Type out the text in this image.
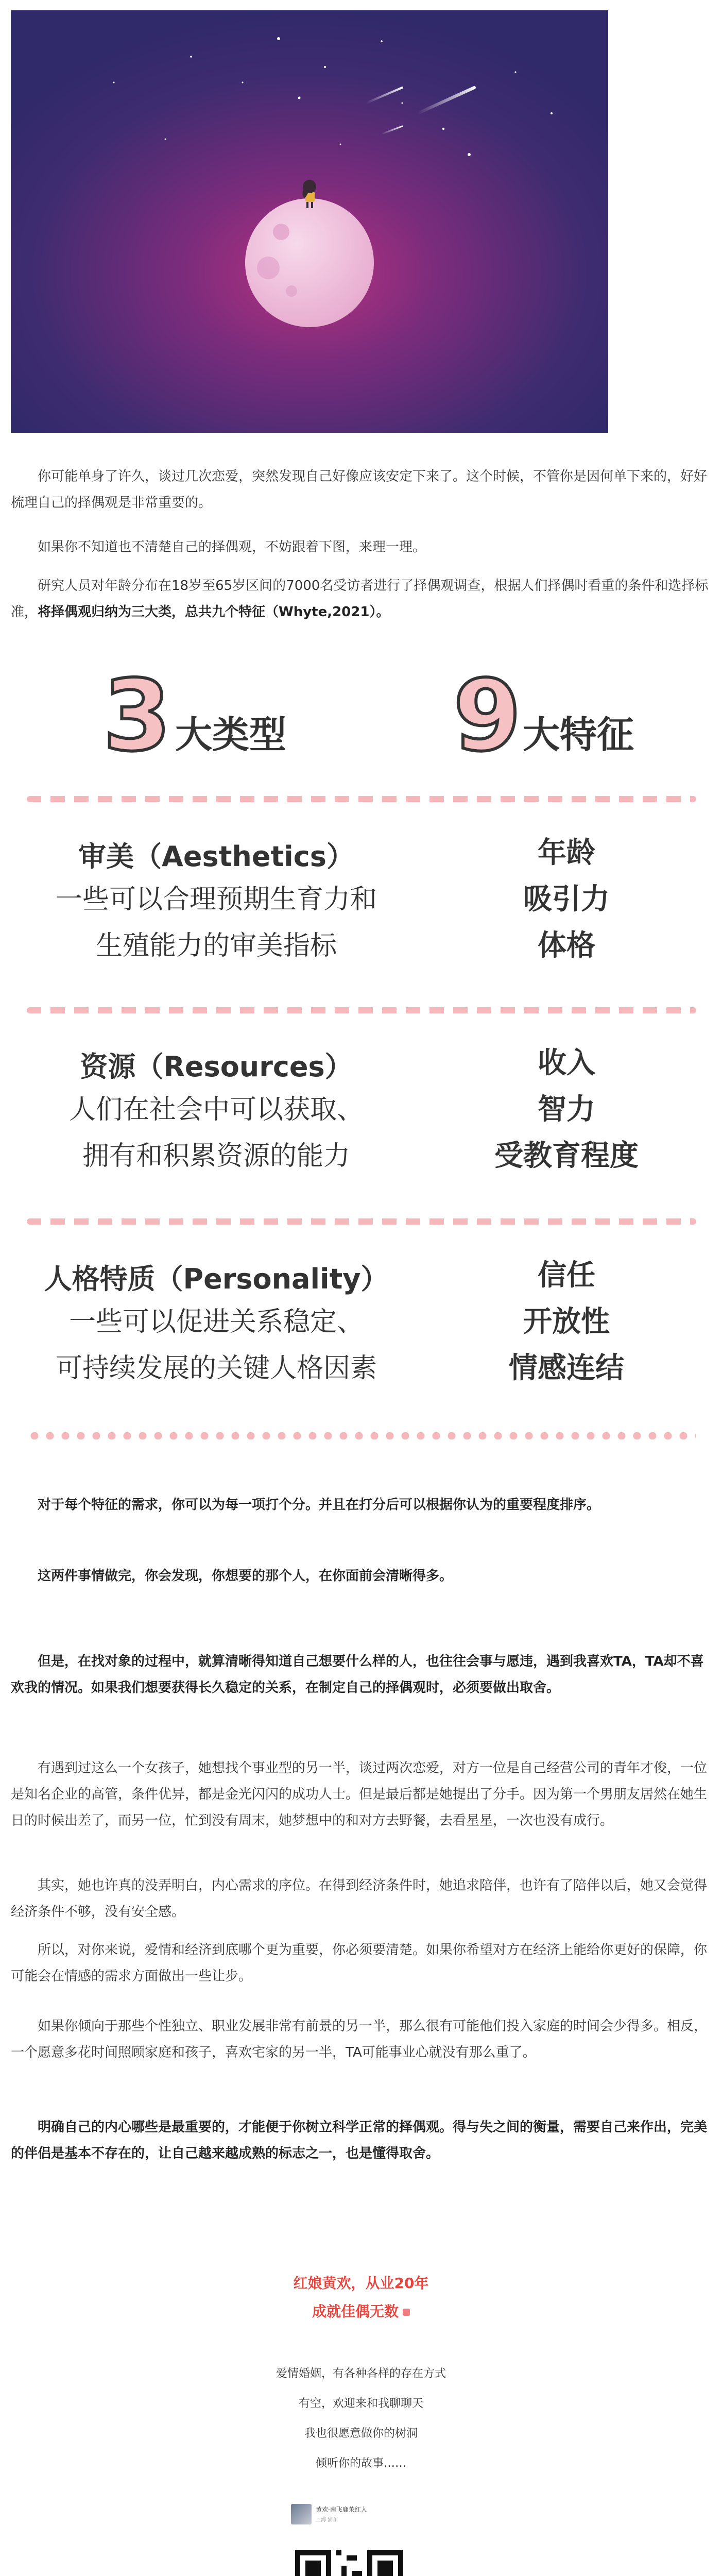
你可能单身了许久，谈过几次恋爱，突然发现自己好像应该安定下来了。这个时候，不管你是因何单下来的，好好梳理自己的择偶观是非常重要的。

如果你不知道也不清楚自己的择偶观，不妨跟着下图，来理一理。

研究人员对年龄分布在18岁至65岁区间的7000名受访者进行了择偶观调查，根据人们择偶时看重的条件和选择标准，将择偶观归纳为三大类，总共九个特征（Whyte,2021）。

3 大类型 9 大特征
审美（Aesthetics）
一些可以合理预期生育力和
生殖能力的审美指标
年龄
吸引力
体格
资源（Resources）
人们在社会中可以获取、
拥有和积累资源的能力
收入
智力
受教育程度
人格特质（Personality）
一些可以促进关系稳定、
可持续发展的关键人格因素
信任
开放性
情感连结

对于每个特征的需求，你可以为每一项打个分。并且在打分后可以根据你认为的重要程度排序。

这两件事情做完，你会发现，你想要的那个人，在你面前会清晰得多。

但是，在找对象的过程中，就算清晰得知道自己想要什么样的人，也往往会事与愿违，遇到我喜欢TA，TA却不喜欢我的情况。如果我们想要获得长久稳定的关系，在制定自己的择偶观时，必须要做出取舍。

有遇到过这么一个女孩子，她想找个事业型的另一半，谈过两次恋爱，对方一位是自己经营公司的青年才俊，一位是知名企业的高管，条件优异，都是金光闪闪的成功人士。但是最后都是她提出了分手。因为第一个男朋友居然在她生日的时候出差了，而另一位，忙到没有周末，她梦想中的和对方去野餐，去看星星，一次也没有成行。

其实，她也许真的没弄明白，内心需求的序位。在得到经济条件时，她追求陪伴，也许有了陪伴以后，她又会觉得经济条件不够，没有安全感。

所以，对你来说，爱情和经济到底哪个更为重要，你必须要清楚。如果你希望对方在经济上能给你更好的保障，你可能会在情感的需求方面做出一些让步。

如果你倾向于那些个性独立、职业发展非常有前景的另一半，那么很有可能他们投入家庭的时间会少得多。相反，一个愿意多花时间照顾家庭和孩子，喜欢宅家的另一半，TA可能事业心就没有那么重了。

明确自己的内心哪些是最重要的，才能便于你树立科学正常的择偶观。得与失之间的衡量，需要自己来作出，完美的伴侣是基本不存在的，让自己越来越成熟的标志之一，也是懂得取舍。

红娘黄欢，从业20年
成就佳偶无数
爱情婚姻，有各种各样的存在方式
有空，欢迎来和我聊聊天
我也很愿意做你的树洞
倾听你的故事……
黄欢·南飞鹿茉红人
上海 浦东
